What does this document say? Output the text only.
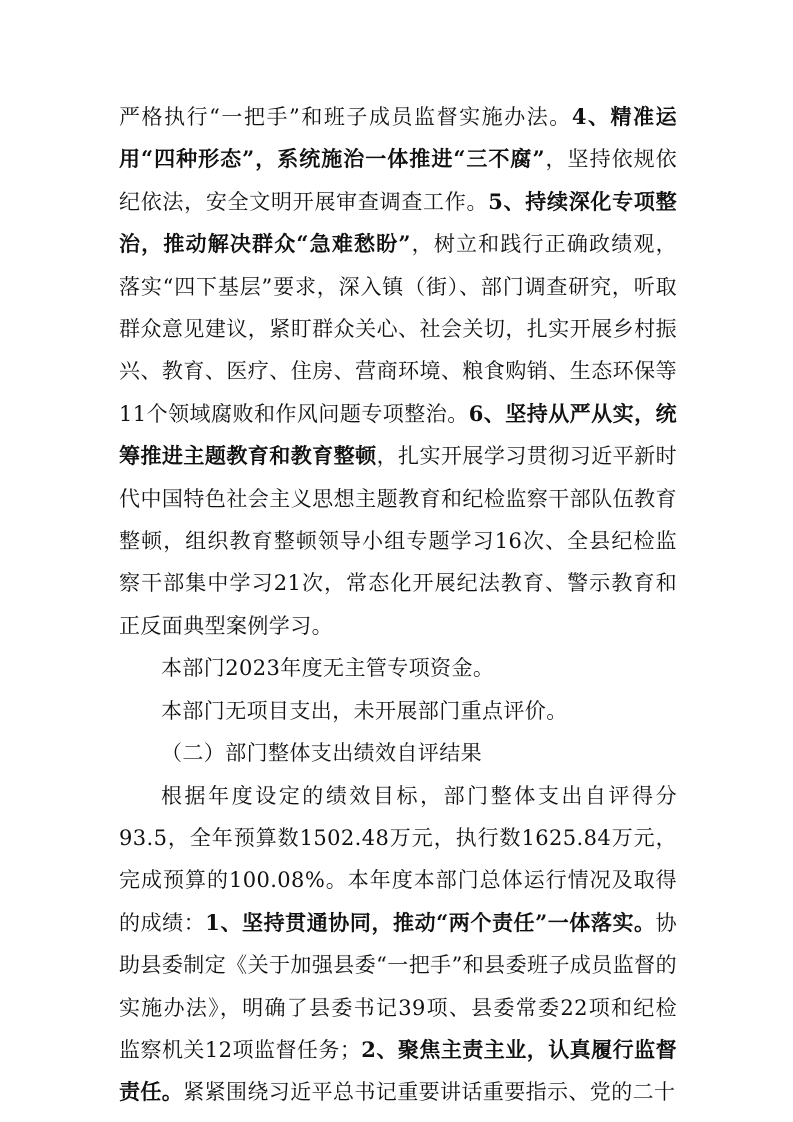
严格执行“一把手”和班子成员监督实施办法。4、精准运用“四种形态”，系统施治一体推进“三不腐”，坚持依规依纪依法，安全文明开展审查调查工作。5、持续深化专项整治，推动解决群众“急难愁盼”，树立和践行正确政绩观，落实“四下基层”要求，深入镇（街）、部门调查研究，听取群众意见建议，紧盯群众关心、社会关切，扎实开展乡村振兴、教育、医疗、住房、营商环境、粮食购销、生态环保等11个领域腐败和作风问题专项整治。6、坚持从严从实，统筹推进主题教育和教育整顿，扎实开展学习贯彻习近平新时代中国特色社会主义思想主题教育和纪检监察干部队伍教育整顿，组织教育整顿领导小组专题学习16次、全县纪检监察干部集中学习21次，常态化开展纪法教育、警示教育和正反面典型案例学习。

本部门2023年度无主管专项资金。

本部门无项目支出，未开展部门重点评价。

（二）部门整体支出绩效自评结果

根据年度设定的绩效目标，部门整体支出自评得分93.5，全年预算数1502.48万元，执行数1625.84万元，完成预算的100.08%。本年度本部门总体运行情况及取得的成绩：1、坚持贯通协同，推动“两个责任”一体落实。协助县委制定《关于加强县委“一把手”和县委班子成员监督的实施办法》，明确了县委书记39项、县委常委22项和纪检监察机关12项监督任务；2、聚焦主责主业，认真履行监督责任。紧紧围绕习近平总书记重要讲话重要指示、党的二十
